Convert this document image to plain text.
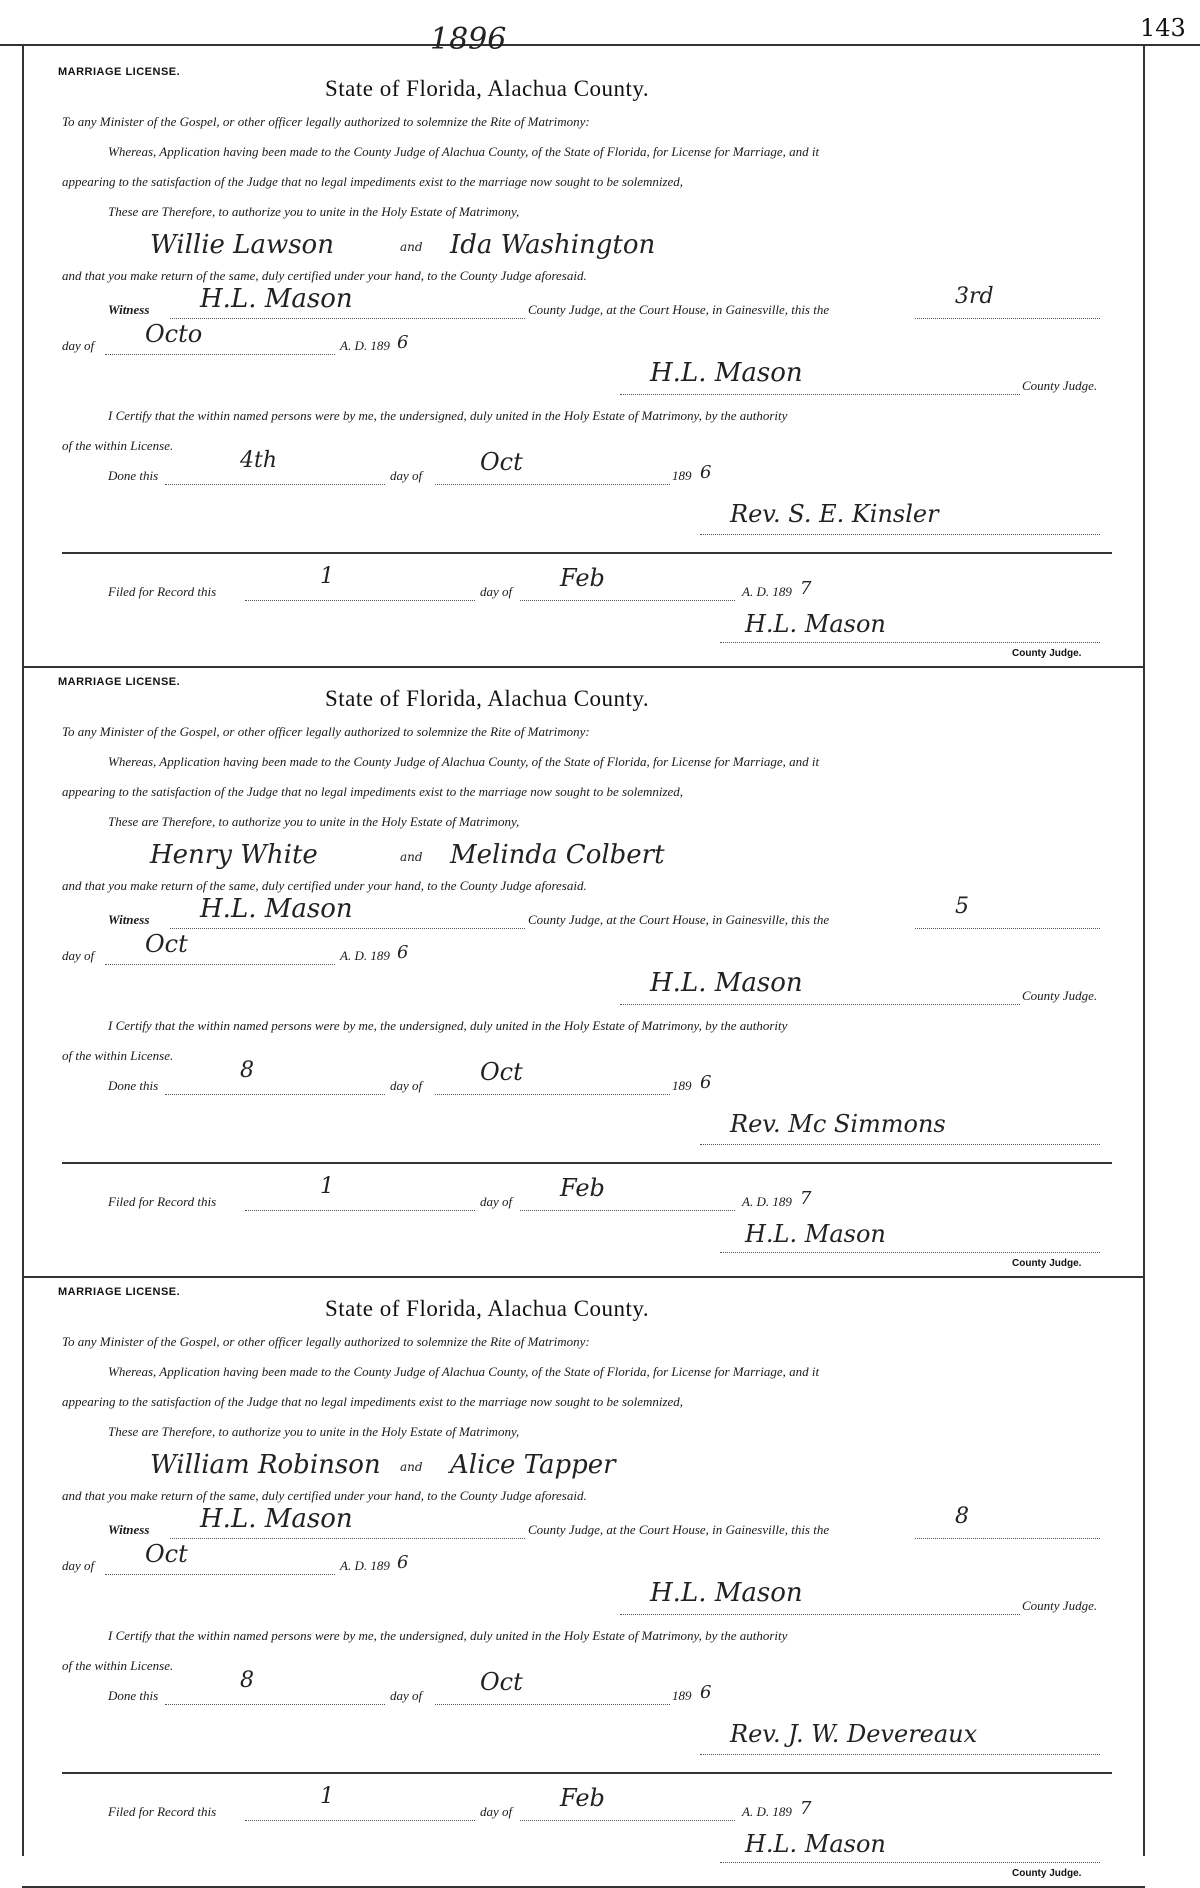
1896	143
MARRIAGE LICENSE.
State of Florida, Alachua County.
To any Minister of the Gospel, or other officer legally authorized to solemnize the Rite of Matrimony:
Whereas, Application having been made to the County Judge of Alachua County, of the State of Florida, for License for Marriage, and it
appearing to the satisfaction of the Judge that no legal impediments exist to the marriage now sought to be solemnized,
These are Therefore, to authorize you to unite in the Holy Estate of Matrimony,
Willie Lawson	and Ida Washington
and that you make return of the same, duly certified under your hand, to the County Judge aforesaid.
Witness H.L. Mason	County Judge, at the Court House, in Gainesville, this the
3rd
day of Octo	A. D. 189 6
H.L. Mason	County Judge.
I Certify that the within named persons were by me, the undersigned, duly united in the Holy Estate of Matrimony, by the authority
of the within License.
Done this
4th
day of Oct	189 6
Rev. S. E. Kinsler
Filed for Record this
1
day of Feb	A. D. 189 7
H.L. Mason
County Judge.
MARRIAGE LICENSE.
State of Florida, Alachua County.
To any Minister of the Gospel, or other officer legally authorized to solemnize the Rite of Matrimony:
Whereas, Application having been made to the County Judge of Alachua County, of the State of Florida, for License for Marriage, and it
appearing to the satisfaction of the Judge that no legal impediments exist to the marriage now sought to be solemnized,
These are Therefore, to authorize you to unite in the Holy Estate of Matrimony,
Henry White	and Melinda Colbert
and that you make return of the same, duly certified under your hand, to the County Judge aforesaid.
Witness H.L. Mason	County Judge, at the Court House, in Gainesville, this the
5
day of Oct	A. D. 189 6
H.L. Mason	County Judge.
I Certify that the within named persons were by me, the undersigned, duly united in the Holy Estate of Matrimony, by the authority
of the within License.
Done this
8
day of Oct	189 6
Rev. Mc Simmons
Filed for Record this
1
day of Feb	A. D. 189 7
H.L. Mason
County Judge.
MARRIAGE LICENSE.
State of Florida, Alachua County.
To any Minister of the Gospel, or other officer legally authorized to solemnize the Rite of Matrimony:
Whereas, Application having been made to the County Judge of Alachua County, of the State of Florida, for License for Marriage, and it
appearing to the satisfaction of the Judge that no legal impediments exist to the marriage now sought to be solemnized,
These are Therefore, to authorize you to unite in the Holy Estate of Matrimony,
William Robinson and Alice Tapper
and that you make return of the same, duly certified under your hand, to the County Judge aforesaid.
Witness H.L. Mason	County Judge, at the Court House, in Gainesville, this the
8
day of Oct	A. D. 189 6
H.L. Mason	County Judge.
I Certify that the within named persons were by me, the undersigned, duly united in the Holy Estate of Matrimony, by the authority
of the within License.
Done this
8
day of Oct	189 6
Rev. J. W. Devereaux
Filed for Record this
1
day of Feb	A. D. 189 7
H.L. Mason
County Judge.
